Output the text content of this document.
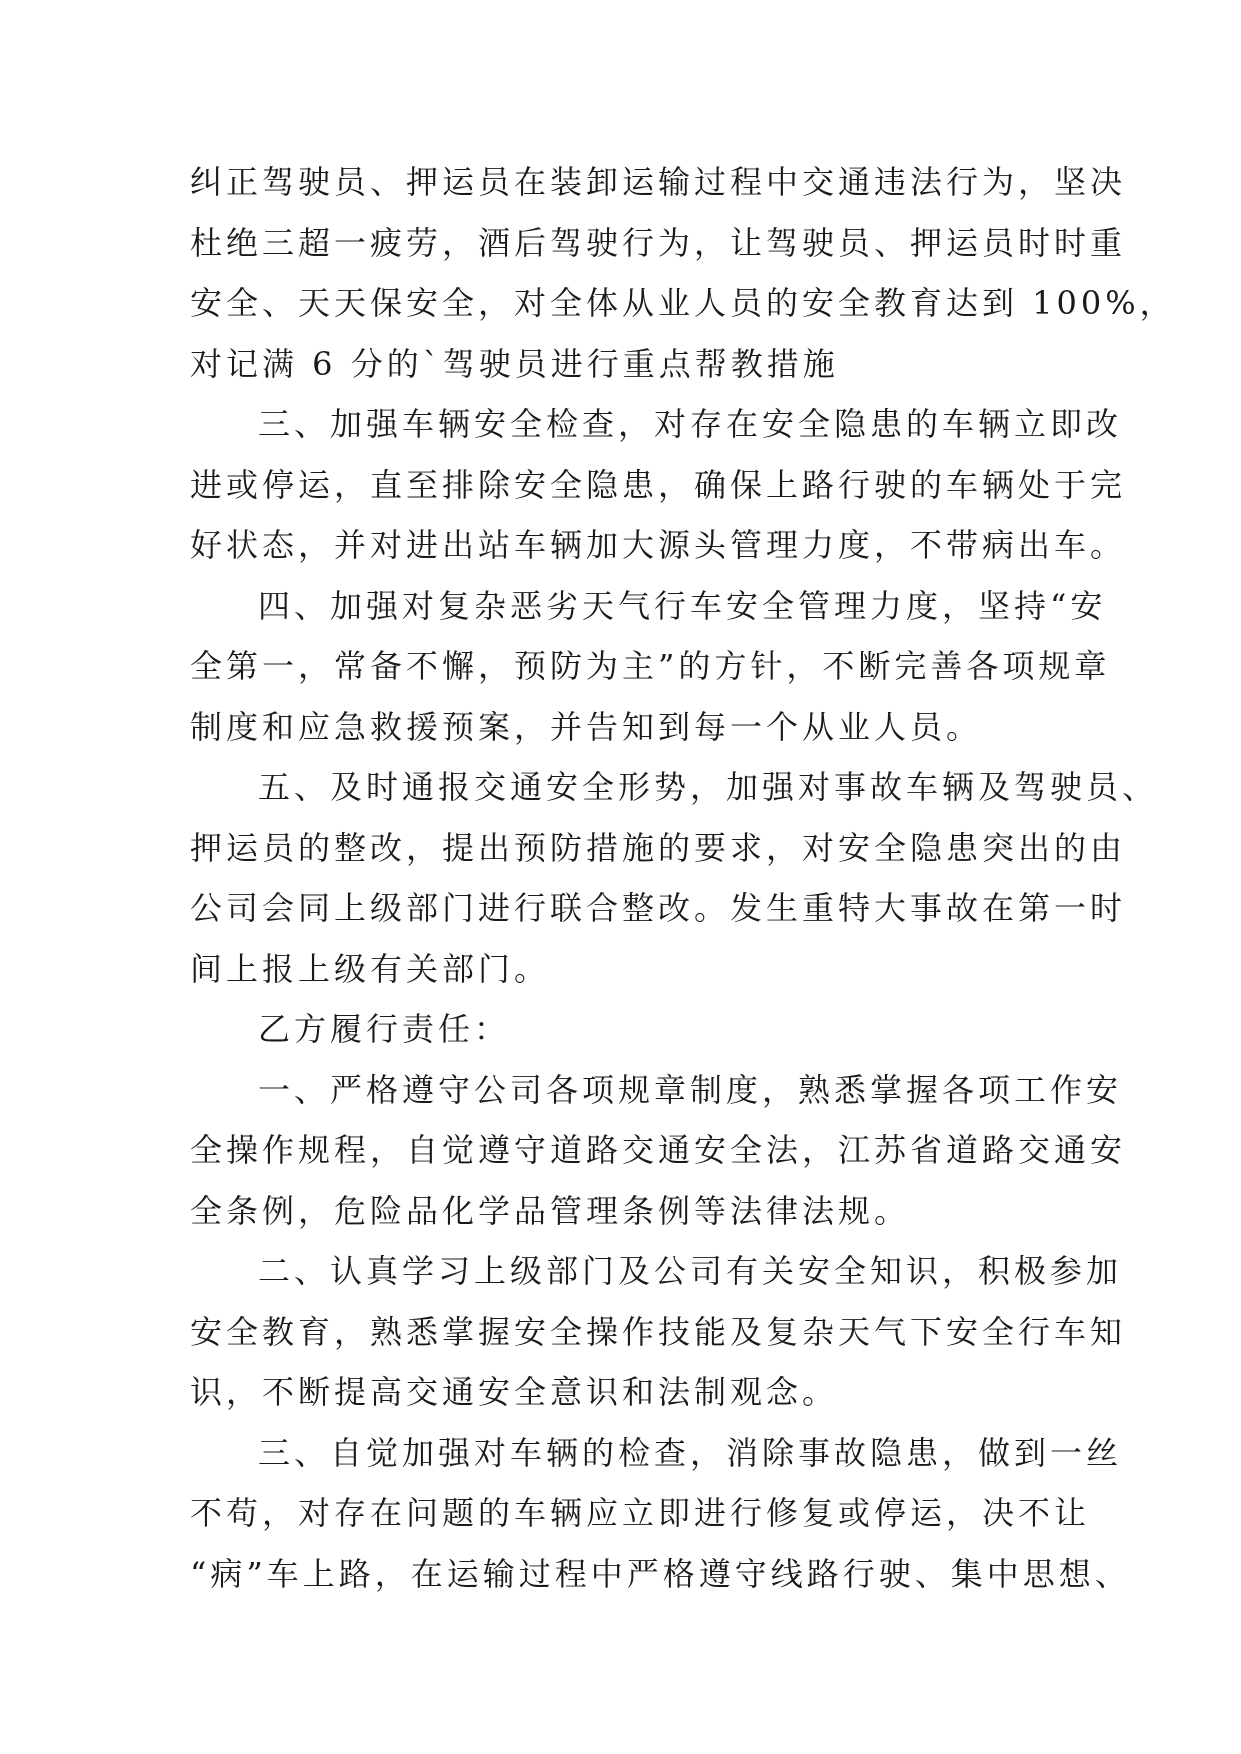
纠正驾驶员、押运员在装卸运输过程中交通违法行为，坚决
杜绝三超一疲劳，酒后驾驶行为，让驾驶员、押运员时时重
安全、天天保安全，对全体从业人员的安全教育达到 100%，
对记满 6 分的`驾驶员进行重点帮教措施
三、加强车辆安全检查，对存在安全隐患的车辆立即改
进或停运，直至排除安全隐患，确保上路行驶的车辆处于完
好状态，并对进出站车辆加大源头管理力度，不带病出车。
四、加强对复杂恶劣天气行车安全管理力度，坚持“安
全第一，常备不懈，预防为主”的方针，不断完善各项规章
制度和应急救援预案，并告知到每一个从业人员。
五、及时通报交通安全形势，加强对事故车辆及驾驶员、
押运员的整改，提出预防措施的要求，对安全隐患突出的由
公司会同上级部门进行联合整改。发生重特大事故在第一时
间上报上级有关部门。
乙方履行责任：
一、严格遵守公司各项规章制度，熟悉掌握各项工作安
全操作规程，自觉遵守道路交通安全法，江苏省道路交通安
全条例，危险品化学品管理条例等法律法规。
二、认真学习上级部门及公司有关安全知识，积极参加
安全教育，熟悉掌握安全操作技能及复杂天气下安全行车知
识，不断提高交通安全意识和法制观念。
三、自觉加强对车辆的检查，消除事故隐患，做到一丝
不苟，对存在问题的车辆应立即进行修复或停运，决不让
“病”车上路，在运输过程中严格遵守线路行驶、集中思想、
